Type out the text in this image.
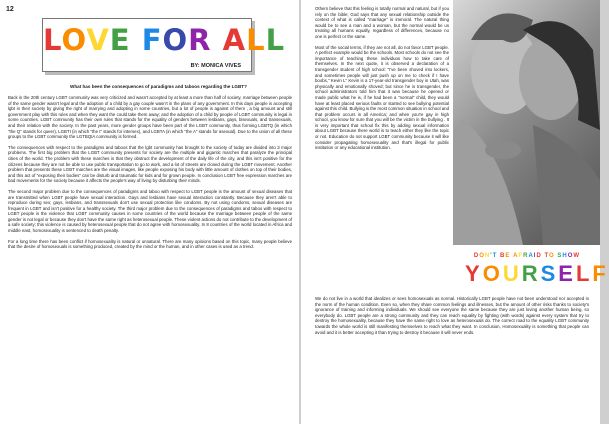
12
LOVE FOR ALL
BY: MONICA VIVES
What has been the consequences of paradigms and taboos regarding the LGBT?

Back in the 20th century LGBT community was very criticized and wasn't accepted by at least a more than half of society, marriage between people of the same gender wasn't legal and the adoption of a child by a gay couple wasn't in the plans of any government. In this days people is accepting lgbt in their society by giving the right of marrying and adopting in some countries, but a lot of people is against of them , a big amount and still government play with this rules and when they want the could take them away; and the adoption of a child by people of LGBT community is legal in some countries. LGBT community has their own rules that stands for the equality of genders between lesbians, gays, bisexuals, and transexuals, and their relation with the society. In the past years, more gender groups have been part of the LGBT community, thus forming LGBTQ (in which "the Q" stands for queer), LGBTI (in which "the I" stands for intersex), and LGBTA (in which "the A" stands for asexual). Due to the union of all these groups to the LGBT community the LGTBQIA community is formed.

The consequences with respect to the paradigms and taboos that the lgbt community has brought to the society of today are divided into 3 major problems. The first big problem that the LGBT community presents for society are the multiple and gigantic marches that paralyze the principal cities of the world. The problem with these marches is that they obstruct the development of the daily life of the city, and this isn't positive for the citizens because they are not be able to use public transportation to go to work, and a lot of streets are closed during the LGBT movement. Another problem that presents these LGBT marches are the visual images, like people exposing his body with little amount of clothes on top of their bodies, and this act of "exposing their bodies" can be disturb and traumatic for kids and for grown people. In conclusion LGBT free expression marches are bad movements for the society because it affects the people's way of living by disturbing their minds.

The second major problem due to the consequences of paradigms and taboo with respect to LGBT people is the amount of sexual diseases that are transmitted when LGBT people have sexual interaction. Gays and lesbians have sexual interaction constantly. Because they aren't able to reproduce during sex; gays, lesbians, and transsexuals don't use sexual protection like condoms. By not using condoms, sexual diseases are frequent in LGBT and isn't positive for a healthy society. The third major problem due to the consequences of paradigms and taboo with respect to LGBT people is the violence that LGBT community causes in some countries of the world because the marriage between people of the same gender is not legal or because they don't have the same right as heterosexual people. These violent actions do not contribute to the development of a safe society; this violence is caused by heterosexual people that do not agree with homosexuality. In 8 countries of the world located in Africa and middle east, homosexuality is sentenced to death penalty.

For a long time there has been conflict if homosexuality is natural or unnatural. There are many opinions based on this topic, many people believe that the desire of homosexuals is something produced, created by the mind or the human, and in other cases is used as a trend.

Others believe that this feeling is totally normal and natural, but if you rely on the bible; God says that any sexual relationship outside the context of what is called "marriage" is immoral. The natural thing would be to see a man and a woman, but the normal would be us treating all humans equally, regardless of differences, because no one is perfect or the same.

Most of the social terms, if they are not all, do not favor LGBT people. A perfect example would be the schools. Most schools do not see the importance of teaching these individuos how to take care of themselves. In the next quote, it is observed a declaration of a transgender student of high school: "I've been shoved into lockers, and sometimes people will just push up on me to check if I have boobs," Kevin L" Kevin is a 17-year-old transgender boy in Utah, was physically and emotionally shoved; but since he is transgender, the school administrators told him that it was because he opened or made public what he is, if he had been a "normal" child, they would have at least placed serious faults or started to see bullying potential against this child. Bullying is the most common situation in school and that problem occurs in all America; and when you're gay in high school, you know for sure that you will be the victim in the bullying . It is very important that school fix this by adding sexual information about LGBT because there world is to teach either they like the topic or not. Education do not support LGBT community because it will like consider propagating homosexuality and that's illegal for public institution or any educational institution.

DON'T BE AFRAID TO SHOW
YOURSELF

We do not live in a world that idealizes or sees homosexuals as normal. Historically LGBT people have not been understood nor accepted in the norm of the human condition. Even so, when they share common feelings and illnesses, but the amount of other risks thanks to society's ignorance of training and informing individuals. We should see everyone the same because they are just loving another human being, so everybody do. LGBT people are a strong community and they can reach equality by fighting (with words) against every system that try to destroy the homosexuality, because they have the same right to love as heterosexuals do. The correct road to the equality LGBT community towards the whole world is still manifesting themselves to reach what they want. In conclusion, Homosexuality is something that people can avoid and it is better accepting it than trying to destroy it because it will never ends.
